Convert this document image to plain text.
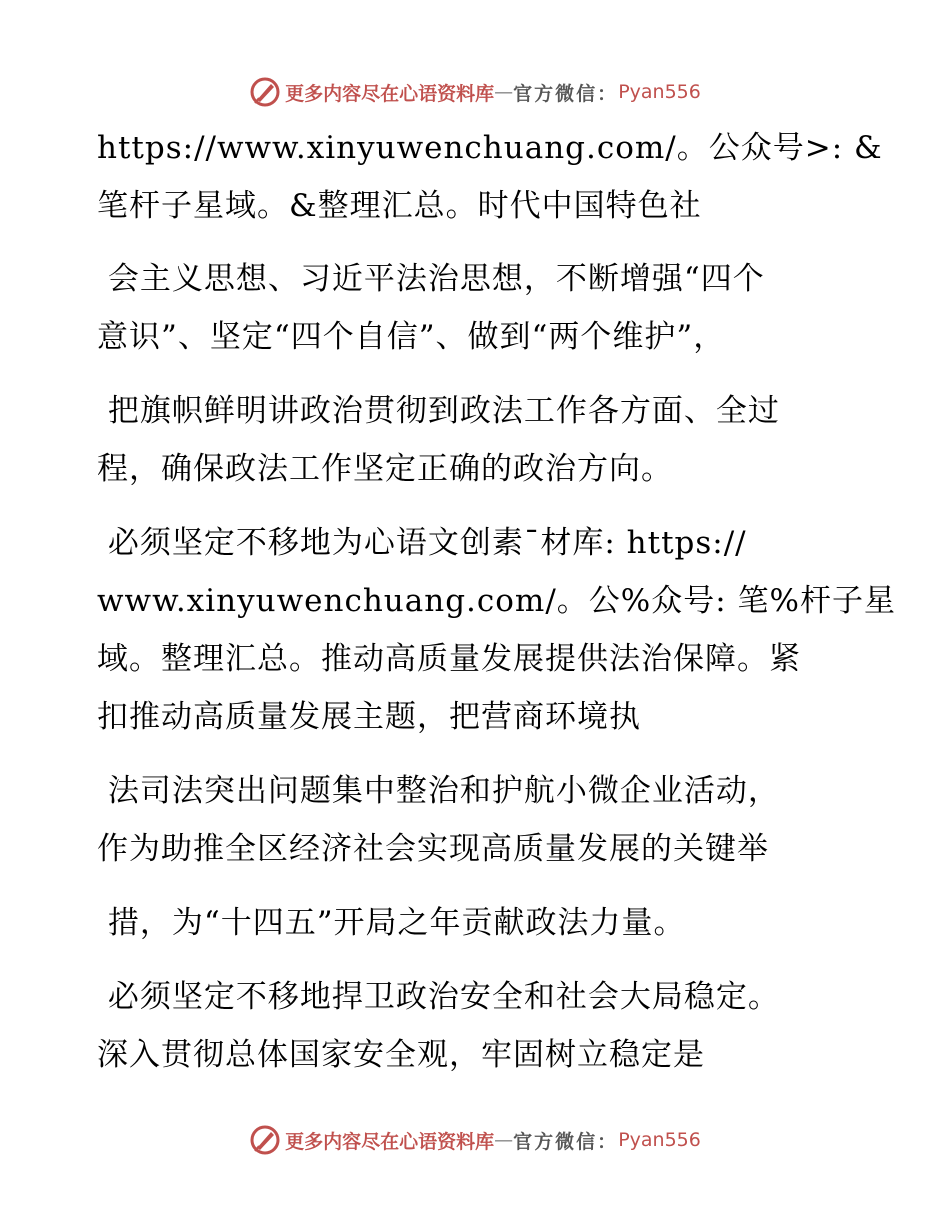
更多内容尽在心语资料库 — 官方微信： Pyan556
https://www.xinyuwenchuang.com/。公众号>: &
笔杆子星域。&整理汇总。时代中国特色社
会主义思想、习近平法治思想，不断增强“四个
意识”、坚定“四个自信”、做到“两个维护”，
把旗帜鲜明讲政治贯彻到政法工作各方面、全过
程，确保政法工作坚定正确的政治方向。
必须坚定不移地为心语文创素¯材库: https://
www.xinyuwenchuang.com/。公%众号: 笔%杆子星
域。整理汇总。推动高质量发展提供法治保障。紧
扣推动高质量发展主题，把营商环境执
法司法突出问题集中整治和护航小微企业活动，
作为助推全区经济社会实现高质量发展的关键举
措，为“十四五”开局之年贡献政法力量。
必须坚定不移地捍卫政治安全和社会大局稳定。
深入贯彻总体国家安全观，牢固树立稳定是
更多内容尽在心语资料库 — 官方微信： Pyan556
